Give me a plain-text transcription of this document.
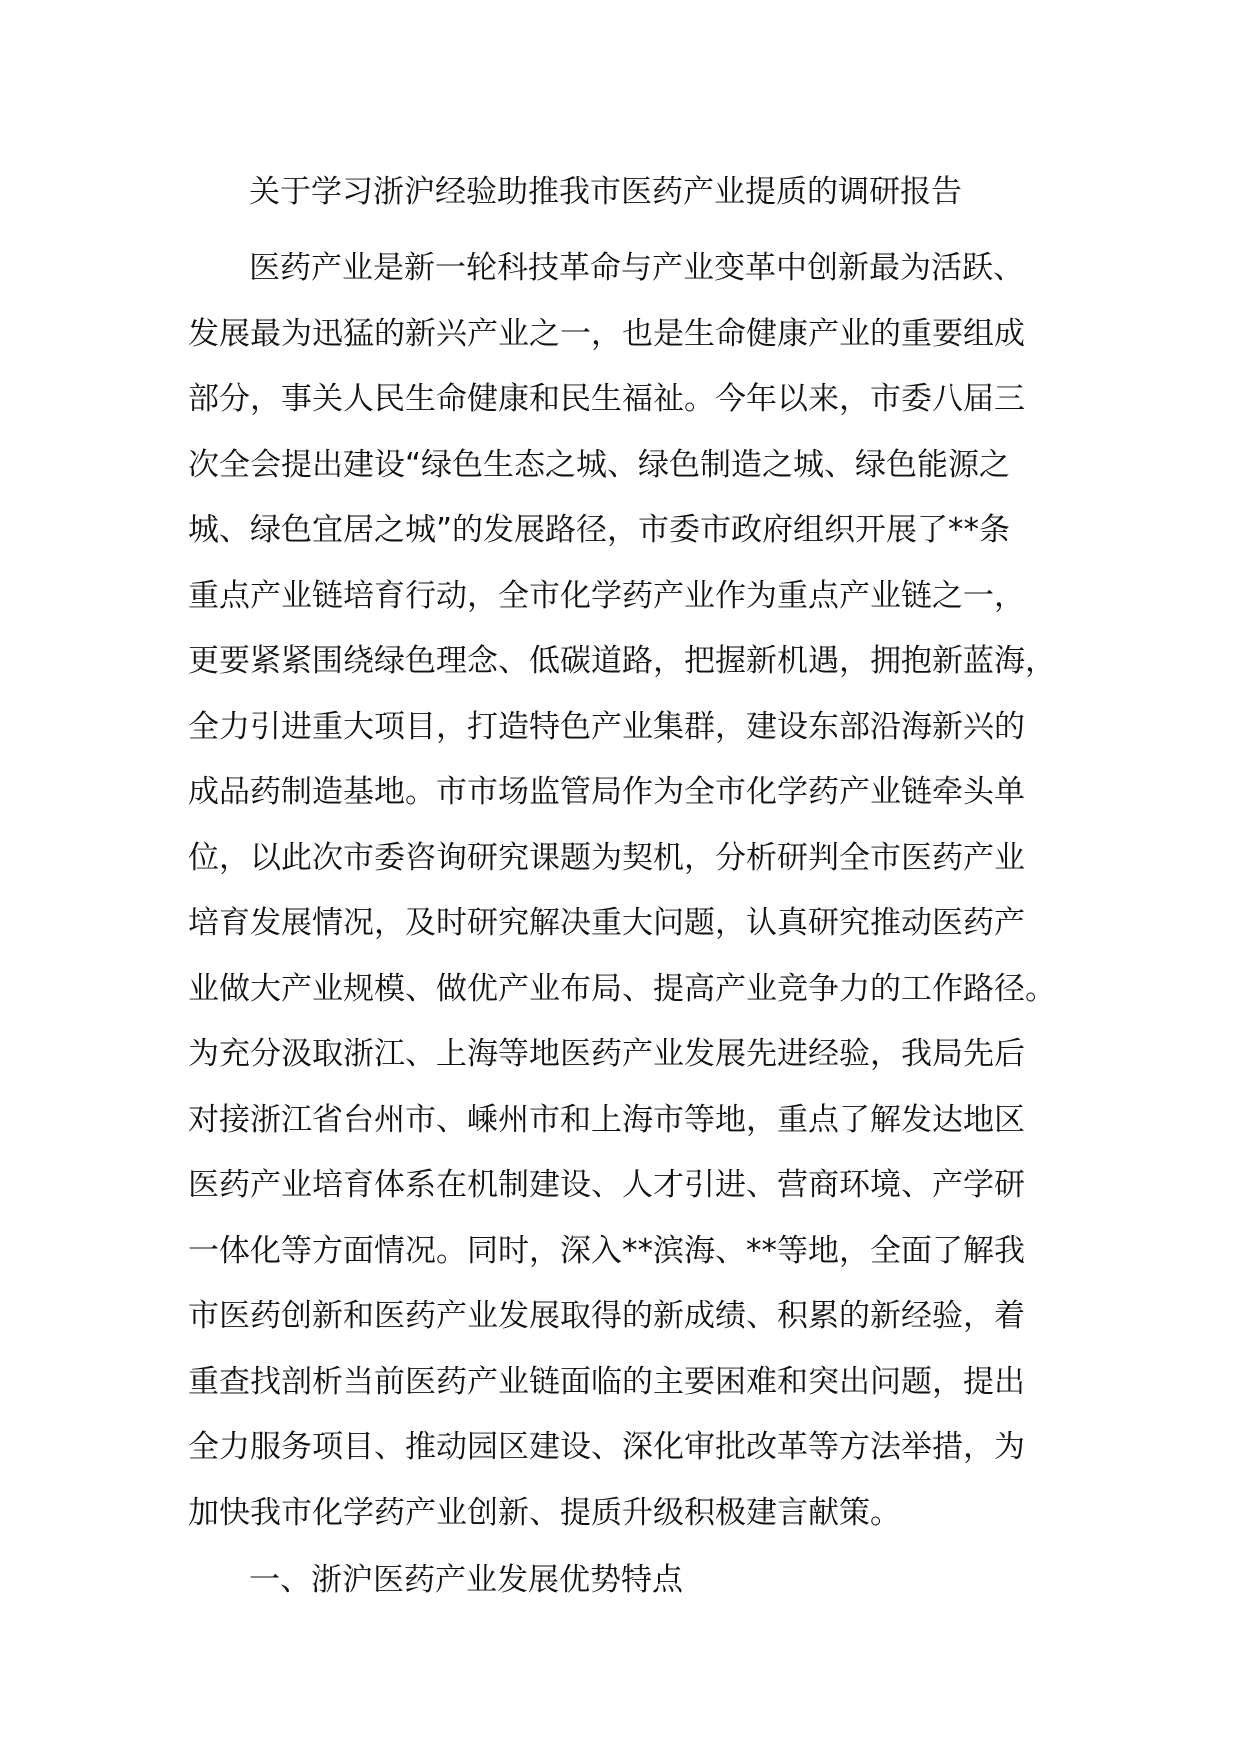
关于学习浙沪经验助推我市医药产业提质的调研报告
医药产业是新一轮科技革命与产业变革中创新最为活跃、
发展最为迅猛的新兴产业之一，也是生命健康产业的重要组成
部分，事关人民生命健康和民生福祉。今年以来，市委八届三
次全会提出建设“绿色生态之城、绿色制造之城、绿色能源之
城、绿色宜居之城”的发展路径，市委市政府组织开展了**条
重点产业链培育行动，全市化学药产业作为重点产业链之一，
更要紧紧围绕绿色理念、低碳道路，把握新机遇，拥抱新蓝海，
全力引进重大项目，打造特色产业集群，建设东部沿海新兴的
成品药制造基地。市市场监管局作为全市化学药产业链牵头单
位，以此次市委咨询研究课题为契机，分析研判全市医药产业
培育发展情况，及时研究解决重大问题，认真研究推动医药产
业做大产业规模、做优产业布局、提高产业竞争力的工作路径。
为充分汲取浙江、上海等地医药产业发展先进经验，我局先后
对接浙江省台州市、嵊州市和上海市等地，重点了解发达地区
医药产业培育体系在机制建设、人才引进、营商环境、产学研
一体化等方面情况。同时，深入**滨海、**等地，全面了解我
市医药创新和医药产业发展取得的新成绩、积累的新经验，着
重查找剖析当前医药产业链面临的主要困难和突出问题，提出
全力服务项目、推动园区建设、深化审批改革等方法举措，为
加快我市化学药产业创新、提质升级积极建言献策。
一、浙沪医药产业发展优势特点
